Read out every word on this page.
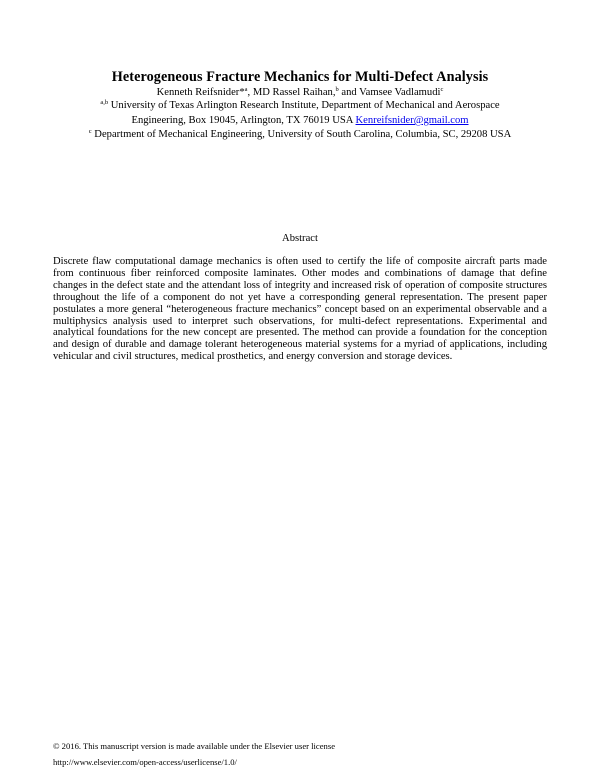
Heterogeneous Fracture Mechanics for Multi-Defect Analysis
Kenneth Reifsnider*$^a$, MD Rassel Raihan,$^b$ and Vamsee Vadlamudi$^c$
$^{a,b}$ University of Texas Arlington Research Institute, Department of Mechanical and Aerospace
Engineering, Box 19045, Arlington, TX 76019 USA Kenreifsnider@gmail.com
$^c$ Department of Mechanical Engineering, University of South Carolina, Columbia, SC, 29208 USA
Abstract
Discrete flaw computational damage mechanics is often used to certify the life of composite aircraft parts made from continuous fiber reinforced composite laminates. Other modes and combinations of damage that define changes in the defect state and the attendant loss of integrity and increased risk of operation of composite structures throughout the life of a component do not yet have a corresponding general representation. The present paper postulates a more general “heterogeneous fracture mechanics” concept based on an experimental observable and a multiphysics analysis used to interpret such observations, for multi-defect representations. Experimental and analytical foundations for the new concept are presented. The method can provide a foundation for the conception and design of durable and damage tolerant heterogeneous material systems for a myriad of applications, including vehicular and civil structures, medical prosthetics, and energy conversion and storage devices.
© 2016. This manuscript version is made available under the Elsevier user license
http://www.elsevier.com/open-access/userlicense/1.0/
